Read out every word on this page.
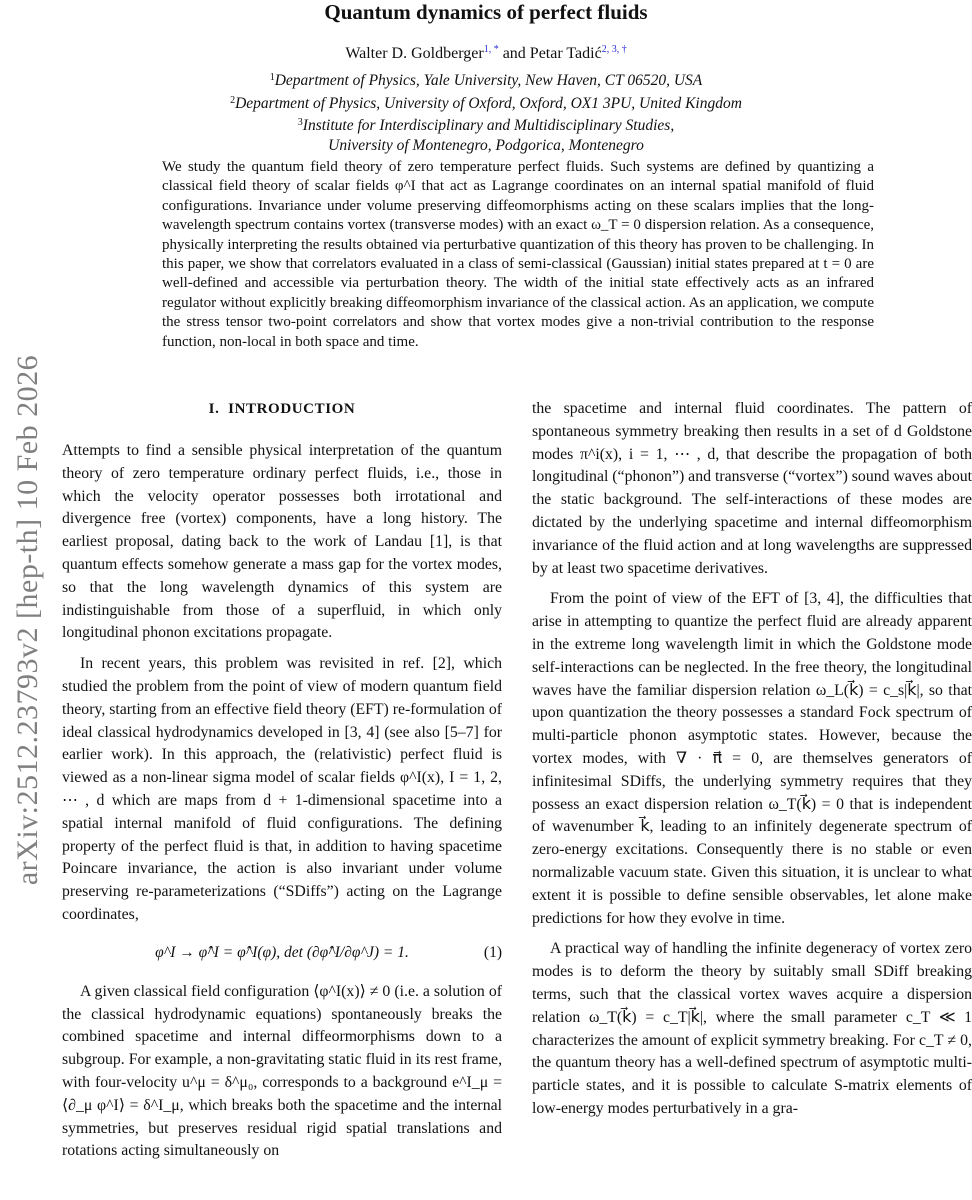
arXiv:2512.23793v2 [hep-th] 10 Feb 2026
Quantum dynamics of perfect fluids
Walter D. Goldberger$^{1, *}$ and Petar Tadić$^{2, 3, \dagger}$
$^1$Department of Physics, Yale University, New Haven, CT 06520, USA
$^2$Department of Physics, University of Oxford, Oxford, OX1 3PU, United Kingdom
$^3$Institute for Interdisciplinary and Multidisciplinary Studies,
University of Montenegro, Podgorica, Montenegro

We study the quantum field theory of zero temperature perfect fluids. Such systems are defined by quantizing a classical field theory of scalar fields φ^I that act as Lagrange coordinates on an internal spatial manifold of fluid configurations. Invariance under volume preserving diffeomorphisms acting on these scalars implies that the long-wavelength spectrum contains vortex (transverse modes) with an exact ω_T = 0 dispersion relation. As a consequence, physically interpreting the results obtained via perturbative quantization of this theory has proven to be challenging. In this paper, we show that correlators evaluated in a class of semi-classical (Gaussian) initial states prepared at t = 0 are well-defined and accessible via perturbation theory. The width of the initial state effectively acts as an infrared regulator without explicitly breaking diffeomorphism invariance of the classical action. As an application, we compute the stress tensor two-point correlators and show that vortex modes give a non-trivial contribution to the response function, non-local in both space and time.

I. INTRODUCTION

Attempts to find a sensible physical interpretation of the quantum theory of zero temperature ordinary perfect fluids, i.e., those in which the velocity operator possesses both irrotational and divergence free (vortex) components, have a long history. The earliest proposal, dating back to the work of Landau [1], is that quantum effects somehow generate a mass gap for the vortex modes, so that the long wavelength dynamics of this system are indistinguishable from those of a superfluid, in which only longitudinal phonon excitations propagate.

In recent years, this problem was revisited in ref. [2], which studied the problem from the point of view of modern quantum field theory, starting from an effective field theory (EFT) re-formulation of ideal classical hydrodynamics developed in [3, 4] (see also [5–7] for earlier work). In this approach, the (relativistic) perfect fluid is viewed as a non-linear sigma model of scalar fields φ^I(x), I = 1, 2, ⋯ , d which are maps from d + 1-dimensional spacetime into a spatial internal manifold of fluid configurations. The defining property of the perfect fluid is that, in addition to having spacetime Poincare invariance, the action is also invariant under volume preserving re-parameterizations (“SDiffs”) acting on the Lagrange coordinates,

φ^I → φ̂^I = φ̂^I(φ), det (∂φ̂^I/∂φ^J) = 1.	(1)

A given classical field configuration ⟨φ^I(x)⟩ ≠ 0 (i.e. a solution of the classical hydrodynamic equations) spontaneously breaks the combined spacetime and internal diffeormorphisms down to a subgroup. For example, a non-gravitating static fluid in its rest frame, with four-velocity u^μ = δ^μ₀, corresponds to a background e^I_μ = ⟨∂_μ φ^I⟩ = δ^I_μ, which breaks both the spacetime and the internal symmetries, but preserves residual rigid spatial translations and rotations acting simultaneously on

the spacetime and internal fluid coordinates. The pattern of spontaneous symmetry breaking then results in a set of d Goldstone modes π^i(x), i = 1, ⋯ , d, that describe the propagation of both longitudinal (“phonon”) and transverse (“vortex”) sound waves about the static background. The self-interactions of these modes are dictated by the underlying spacetime and internal diffeomorphism invariance of the fluid action and at long wavelengths are suppressed by at least two spacetime derivatives.

From the point of view of the EFT of [3, 4], the difficulties that arise in attempting to quantize the perfect fluid are already apparent in the extreme long wavelength limit in which the Goldstone mode self-interactions can be neglected. In the free theory, the longitudinal waves have the familiar dispersion relation ω_L(k⃗) = c_s|k⃗|, so that upon quantization the theory possesses a standard Fock spectrum of multi-particle phonon asymptotic states. However, because the vortex modes, with ∇ · π⃗ = 0, are themselves generators of infinitesimal SDiffs, the underlying symmetry requires that they possess an exact dispersion relation ω_T(k⃗) = 0 that is independent of wavenumber k⃗, leading to an infinitely degenerate spectrum of zero-energy excitations. Consequently there is no stable or even normalizable vacuum state. Given this situation, it is unclear to what extent it is possible to define sensible observables, let alone make predictions for how they evolve in time.

A practical way of handling the infinite degeneracy of vortex zero modes is to deform the theory by suitably small SDiff breaking terms, such that the classical vortex waves acquire a dispersion relation ω_T(k⃗) = c_T|k⃗|, where the small parameter c_T ≪ 1 characterizes the amount of explicit symmetry breaking. For c_T ≠ 0, the quantum theory has a well-defined spectrum of asymptotic multi-particle states, and it is possible to calculate S-matrix elements of low-energy modes perturbatively in a gra-
